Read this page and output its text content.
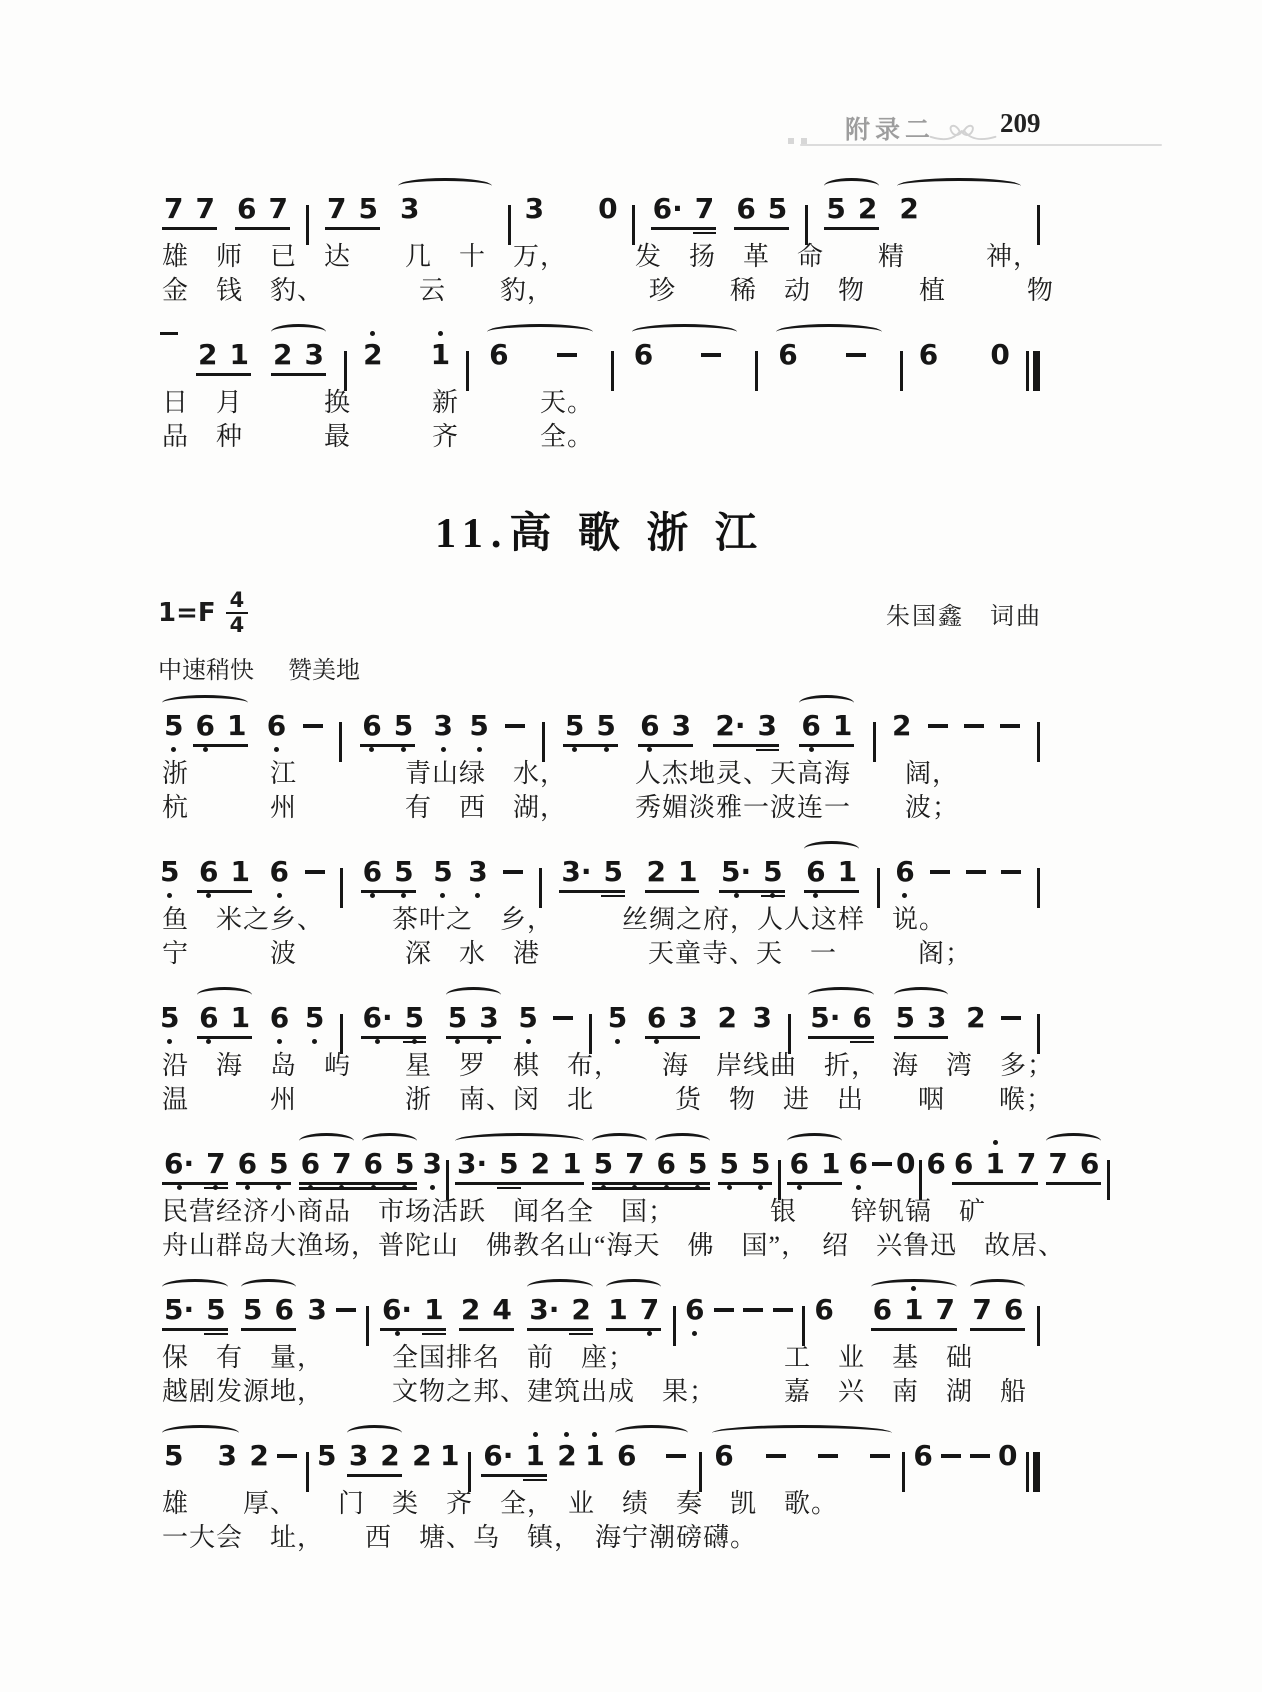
附录二 209
7 7 6 7 7 5 3	3 0 6· 7 6 5 5 2 2
雄　师　已　达　　几　十　万，　　　发　扬　革　命　　精　　　神，
金　钱　豹、　　　　云　　豹，　　　　珍　　稀　动　物　　植　　　物
2 1 2 3 2 1 6	6	6	6 0
日　月　　　换　　　新　　　天。
品　种　　　最　　　齐　　　全。
11.高 歌 浙 江
$1=F \frac{4}{4}$	朱国鑫　词曲
中速稍快 赞美地
5 6 1 6	6 5 3 5	5 5 6 3 2· 3 6 1 2
浙　　　江　　　　青山绿　水，　　　人杰地灵、天高海　　阔，
杭　　　州　　　　有　西　湖，　　　秀媚淡雅一波连一　　波；
5 6 1 6	6 5 5 3	3· 5 2 1 5· 5 6 1 6
鱼　米之乡、　　　茶叶之　乡，　　　丝绸之府，人人这样　说。
宁　　　波　　　　深　水　港　　　　天童寺、天　一　　　阁；
5 6 1 6 5 6· 5 5 3 5 5 6 3 2 3 5· 6 5 3 2
沿　海　岛　屿　　星　罗　棋　布，　　海　岸线曲　折，　海　湾　多；
温　　　州　　　　浙　南、闵　北　　　货　物　进　出　　咽　　喉；
6· 7 6 5 6 7 6 5 3 3· 5 2 1 5 7 6 5 5 5 6 1 6 0 6 6 1 7 7 6
民营经济小商品　市场活跃　闻名全　国；　　　　银　　锌钒镉　矿
舟山群岛大渔场，普陀山　佛教名山“海天　佛　国”，　绍　兴鲁迅　故居、
5· 5 5 6 3 6· 1 2 4 3· 2 1 7 6	6 6 1 7 7 6
保　有　量，　　　全国排名　前　座；　　　　　　工　业　基　础
越剧发源地，　　　文物之邦、建筑出成　果；　　　嘉　兴　南　湖　船
5 3 2 5 3 2 2 1 6· 1 2 1 6	6	6 0
雄　　厚、　　门　类　齐　全，　业　绩　奏　凯　歌。
一大会　址，　　西　塘、乌　镇，　海宁潮磅礴。
